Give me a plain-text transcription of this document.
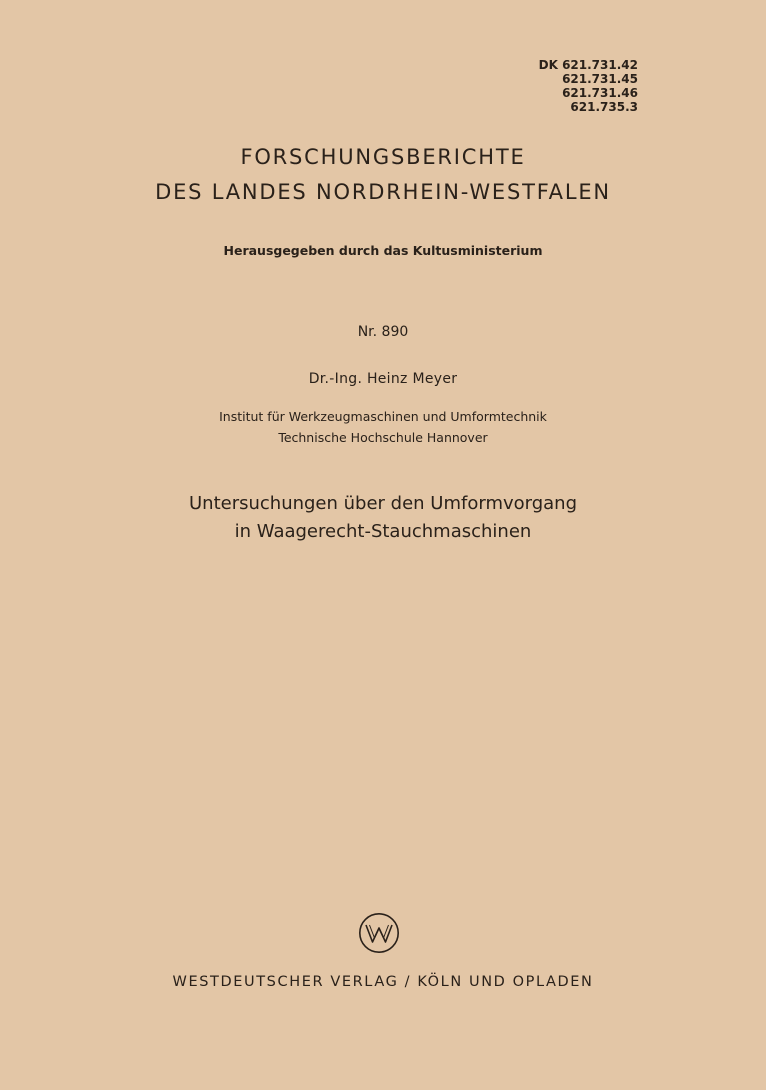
DK 621.731.42
621.731.45
621.731.46
621.735.3
FORSCHUNGSBERICHTE
DES LANDES NORDRHEIN-WESTFALEN
Herausgegeben durch das Kultusministerium
Nr. 890
Dr.-Ing. Heinz Meyer
Institut für Werkzeugmaschinen und Umformtechnik
Technische Hochschule Hannover
Untersuchungen über den Umformvorgang
in Waagerecht-Stauchmaschinen
WESTDEUTSCHER VERLAG / KÖLN UND OPLADEN
